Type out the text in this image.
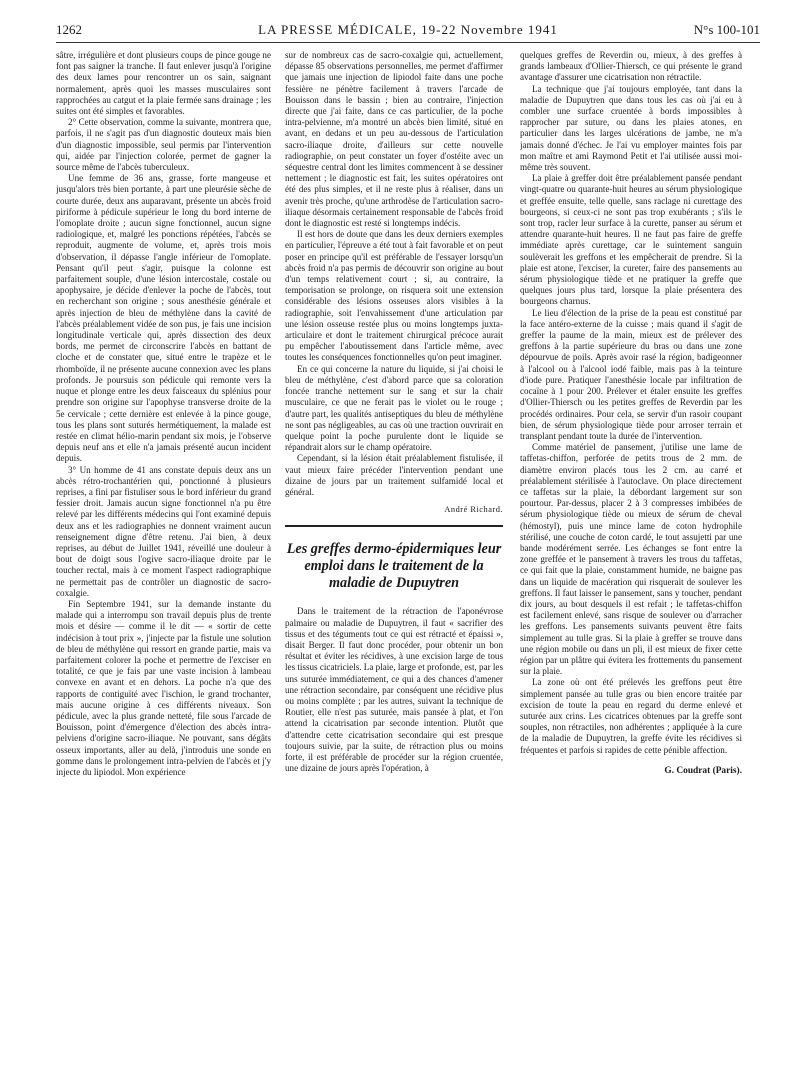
1262	LA PRESSE MÉDICALE, 19-22 Novembre 1941	N°s 100-101

sâtre, irrégulière et dont plusieurs coups de pince gouge ne font pas saigner la tranche. Il faut enlever jusqu'à l'origine des deux lames pour rencontrer un os sain, saignant normalement, après quoi les masses musculaires sont rapprochées au catgut et la plaie fermée sans drainage ; les suites ont été simples et favorables.

2° Cette observation, comme la suivante, montrera que, parfois, il ne s'agit pas d'un diagnostic douteux mais bien d'un diagnostic impossible, seul permis par l'intervention qui, aidée par l'injection colorée, permet de gagner la source même de l'abcès tuberculeux.

Une femme de 36 ans, grasse, forte mangeuse et jusqu'alors très bien portante, à part une pleurésie sèche de courte durée, deux ans auparavant, présente un abcès froid piriforme à pédicule supérieur le long du bord interne de l'omoplate droite ; aucun signe fonctionnel, aucun signe radiologique, et, malgré les ponctions répétées, l'abcès se reproduit, augmente de volume, et, après trois mois d'observation, il dépasse l'angle inférieur de l'omoplate. Pensant qu'il peut s'agir, puisque la colonne est parfaitement souple, d'une lésion intercostale, costale ou apophysaire, je décide d'enlever la poche de l'abcès, tout en recherchant son origine ; sous anesthésie générale et après injection de bleu de méthylène dans la cavité de l'abcès préalablement vidée de son pus, je fais une incision longitudinale verticale qui, après dissection des deux bords, me permet de circonscrire l'abcès en battant de cloche et de constater que, situé entre le trapèze et le rhomboïde, il ne présente aucune connexion avec les plans profonds. Je poursuis son pédicule qui remonte vers la nuque et plonge entre les deux faisceaux du splénius pour prendre son origine sur l'apophyse transverse droite de la 5e cervicale ; cette dernière est enlevée à la pince gouge, tous les plans sont suturés hermétiquement, la malade est restée en climat hélio-marin pendant six mois, je l'observe depuis neuf ans et elle n'a jamais présenté aucun incident depuis.

3° Un homme de 41 ans constate depuis deux ans un abcès rétro-trochantérien qui, ponctionné à plusieurs reprises, a fini par fistuliser sous le bord inférieur du grand fessier droit. Jamais aucun signe fonctionnel n'a pu être relevé par les différents médecins qui l'ont examiné depuis deux ans et les radiographies ne donnent vraiment aucun renseignement digne d'être retenu. J'ai bien, à deux reprises, au début de Juillet 1941, réveillé une douleur à bout de doigt sous l'ogive sacro-iliaque droite par le toucher rectal, mais à ce moment l'aspect radiographique ne permettait pas de contrôler un diagnostic de sacro-coxalgie.

Fin Septembre 1941, sur la demande instante du malade qui a interrompu son travail depuis plus de trente mois et désire — comme il le dit — « sortir de cette indécision à tout prix », j'injecte par la fistule une solution de bleu de méthylène qui ressort en grande partie, mais va parfaitement colorer la poche et permettre de l'exciser en totalité, ce que je fais par une vaste incision à lambeau convexe en avant et en dehors. La poche n'a que des rapports de contiguïté avec l'ischion, le grand trochanter, mais aucune origine à ces différents niveaux. Son pédicule, avec la plus grande netteté, file sous l'arcade de Bouisson, point d'émergence d'élection des abcès intra-pelviens d'origine sacro-iliaque. Ne pouvant, sans dégâts osseux importants, aller au delà, j'introduis une sonde en gomme dans le prolongement intra-pelvien de l'abcès et j'y injecte du lipiodol. Mon expérience

sur de nombreux cas de sacro-coxalgie qui, actuellement, dépasse 85 observations personnelles, me permet d'affirmer que jamais une injection de lipiodol faite dans une poche fessière ne pénètre facilement à travers l'arcade de Bouisson dans le bassin ; bien au contraire, l'injection directe que j'ai faite, dans ce cas particulier, de la poche intra-pelvienne, m'a montré un abcès bien limité, situé en avant, en dedans et un peu au-dessous de l'articulation sacro-iliaque droite, d'ailleurs sur cette nouvelle radiographie, on peut constater un foyer d'ostéite avec un séquestre central dont les limites commencent à se dessiner nettement ; le diagnostic est fait, les suites opératoires ont été des plus simples, et il ne reste plus à réaliser, dans un avenir très proche, qu'une arthrodèse de l'articulation sacro-iliaque désormais certainement responsable de l'abcès froid dont le diagnostic est resté si longtemps indécis.

Il est hors de doute que dans les deux derniers exemples en particulier, l'épreuve a été tout à fait favorable et on peut poser en principe qu'il est préférable de l'essayer lorsqu'un abcès froid n'a pas permis de découvrir son origine au bout d'un temps relativement court ; si, au contraire, la temporisation se prolonge, on risquera soit une extension considérable des lésions osseuses alors visibles à la radiographie, soit l'envahissement d'une articulation par une lésion osseuse restée plus ou moins longtemps juxta-articulaire et dont le traitement chirurgical précoce aurait pu empêcher l'aboutissement dans l'article même, avec toutes les conséquences fonctionnelles qu'on peut imaginer.

En ce qui concerne la nature du liquide, si j'ai choisi le bleu de méthylène, c'est d'abord parce que sa coloration foncée tranche nettement sur le sang et sur la chair musculaire, ce que ne ferait pas le violet ou le rouge ; d'autre part, les qualités antiseptiques du bleu de méthylène ne sont pas négligeables, au cas où une traction ouvrirait en quelque point la poche purulente dont le liquide se répandrait alors sur le champ opératoire.

Cependant, si la lésion était préalablement fistulisée, il vaut mieux faire précéder l'intervention pendant une dizaine de jours par un traitement sulfamidé local et général.

André Richard.
Les greffes dermo-épidermiques leur emploi dans le traitement de la maladie de Dupuytren

Dans le traitement de la rétraction de l'aponévrose palmaire ou maladie de Dupuytren, il faut « sacrifier des tissus et des téguments tout ce qui est rétracté et épaissi », disait Berger. Il faut donc procéder, pour obtenir un bon résultat et éviter les récidives, à une excision large de tous les tissus cicatriciels. La plaie, large et profonde, est, par les uns suturée immédiatement, ce qui a des chances d'amener une rétraction secondaire, par conséquent une récidive plus ou moins complète ; par les autres, suivant la technique de Routier, elle n'est pas suturée, mais pansée à plat, et l'on attend la cicatrisation par seconde intention. Plutôt que d'attendre cette cicatrisation secondaire qui est presque toujours suivie, par la suite, de rétraction plus ou moins forte, il est préférable de procéder sur la région cruentée, une dizaine de jours après l'opération, à

quelques greffes de Reverdin ou, mieux, à des greffes à grands lambeaux d'Ollier-Thiersch, ce qui présente le grand avantage d'assurer une cicatrisation non rétractile.

La technique que j'ai toujours employée, tant dans la maladie de Dupuytren que dans tous les cas où j'ai eu à combler une surface cruentée à bords impossibles à rapprocher par suture, ou dans les plaies atones, en particulier dans les larges ulcérations de jambe, ne m'a jamais donné d'échec. Je l'ai vu employer maintes fois par mon maître et ami Raymond Petit et l'ai utilisée aussi moi-même très souvent.

La plaie à greffer doit être préalablement pansée pendant vingt-quatre ou quarante-huit heures au sérum physiologique et greffée ensuite, telle quelle, sans raclage ni curettage des bourgeons, si ceux-ci ne sont pas trop exubérants ; s'ils le sont trop, racler leur surface à la curette, panser au sérum et attendre quarante-huit heures. Il ne faut pas faire de greffe immédiate après curettage, car le suintement sanguin soulèverait les greffons et les empêcherait de prendre. Si la plaie est atone, l'exciser, la cureter, faire des pansements au sérum physiologique tiède et ne pratiquer la greffe que quelques jours plus tard, lorsque la plaie présentera des bourgeons charnus.

Le lieu d'élection de la prise de la peau est constitué par la face antéro-externe de la cuisse ; mais quand il s'agit de greffer la paume de la main, mieux est de prélever des greffons à la partie supérieure du bras ou dans une zone dépourvue de poils. Après avoir rasé la région, badigeonner à l'alcool ou à l'alcool iodé faible, mais pas à la teinture d'iode pure. Pratiquer l'anesthésie locale par infiltration de cocaïne à 1 pour 200. Prélever et étaler ensuite les greffes d'Ollier-Thiersch ou les petites greffes de Reverdin par les procédés ordinaires. Pour cela, se servir d'un rasoir coupant bien, de sérum physiologique tiède pour arroser terrain et transplant pendant toute la durée de l'intervention.

Comme matériel de pansement, j'utilise une lame de taffetas-chiffon, perforée de petits trous de 2 mm. de diamètre environ placés tous les 2 cm. au carré et préalablement stérilisée à l'autoclave. On place directement ce taffetas sur la plaie, la débordant largement sur son pourtour. Par-dessus, placer 2 à 3 compresses imbibées de sérum physiologique tiède ou mieux de sérum de cheval (hémostyl), puis une mince lame de coton hydrophile stérilisé, une couche de coton cardé, le tout assujetti par une bande modérément serrée. Les échanges se font entre la zone greffée et le pansement à travers les trous du taffetas, ce qui fait que la plaie, constamment humide, ne baigne pas dans un liquide de macération qui risquerait de soulever les greffons. Il faut laisser le pansement, sans y toucher, pendant dix jours, au bout desquels il est refait ; le taffetas-chiffon est facilement enlevé, sans risque de soulever ou d'arracher les greffons. Les pansements suivants peuvent être faits simplement au tulle gras. Si la plaie à greffer se trouve dans une région mobile ou dans un pli, il est mieux de fixer cette région par un plâtre qui évitera les frottements du pansement sur la plaie.

La zone où ont été prélevés les greffons peut être simplement pansée au tulle gras ou bien encore traitée par excision de toute la peau en regard du derme enlevé et suturée aux crins. Les cicatrices obtenues par la greffe sont souples, non rétractiles, non adhérentes ; appliquée à la cure de la maladie de Dupuytren, la greffe évite les récidives si fréquentes et parfois si rapides de cette pénible affection.

G. Coudrat (Paris).
